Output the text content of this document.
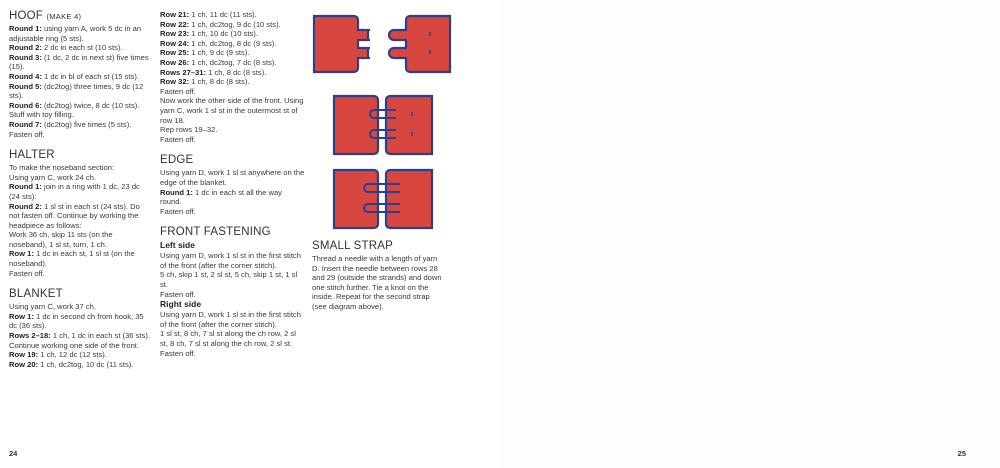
HOOF (MAKE 4)
Round 1: using yarn A, work 5 dc in an adjustable ring (5 sts).
Round 2: 2 dc in each st (10 sts).
Round 3: (1 dc, 2 dc in next st) five times (15).
Round 4: 1 dc in bl of each st (15 sts).
Round 5: (dc2tog) three times, 9 dc (12 sts).
Round 6: (dc2tog) twice, 8 dc (10 sts).
Stuff with toy filling.
Round 7: (dc2tog) five times (5 sts).
Fasten off.
HALTER
To make the noseband section:
Using yarn C, work 24 ch.
Round 1: join in a ring with 1 dc, 23 dc (24 sts).
Round 2: 1 sl st in each st (24 sts). Do not fasten off. Continue by working the headpiece as follows:
Work 36 ch, skip 11 sts (on the noseband), 1 sl st, turn, 1 ch.
Row 1: 1 dc in each st, 1 sl st (on the noseband).
Fasten off.
BLANKET
Using yarn C, work 37 ch.
Row 1: 1 dc in second ch from hook, 35 dc (36 sts).
Rows 2–18: 1 ch, 1 dc in each st (36 sts).
Continue working one side of the front.
Row 19: 1 ch, 12 dc (12 sts).
Row 20: 1 ch, dc2tog, 10 dc (11 sts).
Row 21: 1 ch, 11 dc (11 sts).
Row 22: 1 ch, dc2tog, 9 dc (10 sts).
Row 23: 1 ch, 10 dc (10 sts).
Row 24: 1 ch, dc2tog, 8 dc (9 sts).
Row 25: 1 ch, 9 dc (9 sts).
Row 26: 1 ch, dc2tog, 7 dc (8 sts).
Rows 27–31: 1 ch, 8 dc (8 sts).
Row 32: 1 ch, 8 dc (8 sts).
Fasten off.
Now work the other side of the front. Using yarn C, work 1 sl st in the outermost st of row 18.
Rep rows 19–32.
Fasten off.
EDGE
Using yarn D, work 1 sl st anywhere on the edge of the blanket.
Round 1: 1 dc in each st all the way round.
Fasten off.
FRONT FASTENING
Left side
Using yarn D, work 1 sl st in the first stitch of the front (after the corner stitch).
5 ch, skip 1 st, 2 sl st, 5 ch, skip 1 st, 1 sl st.
Fasten off.
Right side
Using yarn D, work 1 sl st in the first stitch of the front (after the corner stitch).
1 sl st, 8 ch, 7 sl st along the ch row, 2 sl st, 8 ch, 7 sl st along the ch row, 2 sl st.
Fasten off.
SMALL STRAP
Thread a needle with a length of yarn D. Insert the needle between rows 28 and 29 (outside the strands) and down one stitch further. Tie a knot on the inside. Repeat for the second strap (see diagram above).
24	25
